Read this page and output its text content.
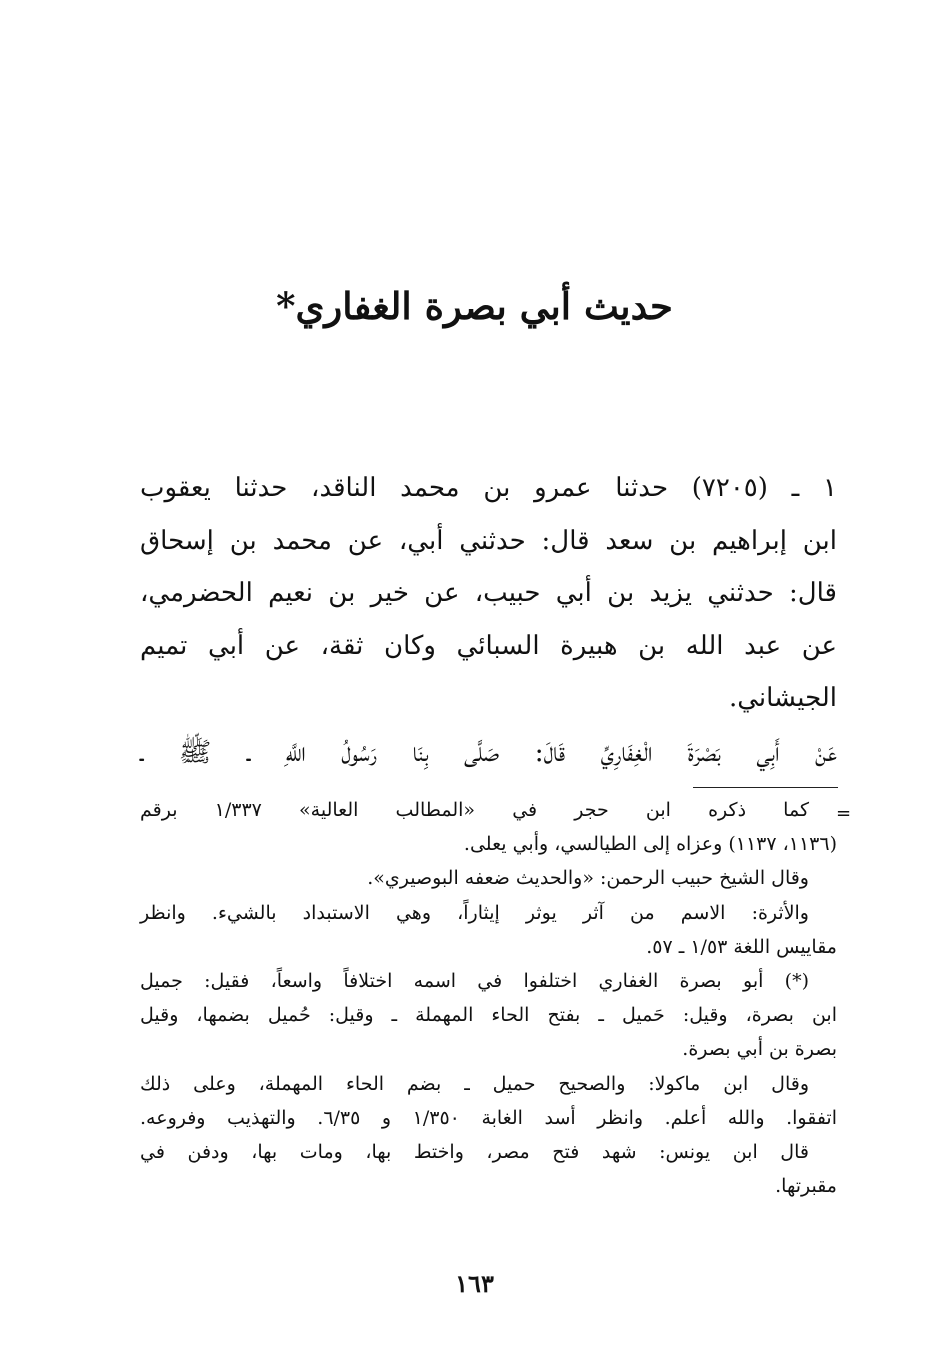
حديث أبي بصرة الغفاري*
١ ـ (٧٢٠٥) حدثنا عمرو بن محمد الناقد، حدثنا يعقوب
ابن إبراهيم بن سعد قال: حدثني أبي، عن محمد بن إسحاق
قال: حدثني يزيد بن أبي حبيب، عن خير بن نعيم الحضرمي،
عن عبد الله بن هبيرة السبائي وكان ثقة، عن أبي تميم
الجيشاني.
عَنْ أَبِي بَصْرَةَ الْغِفَارِيِّ قَالَ: صَلَّى بِنَا رَسُولُ اللَّهِ ـ ﷺ ـ
=
كما ذكره ابن حجر في «المطالب العالية» ١/٣٣٧ برقم
(١١٣٦، ١١٣٧) وعزاه إلى الطيالسي، وأبي يعلى.
وقال الشيخ حبيب الرحمن: «والحديث ضعفه البوصيري».
والأثرة: الاسم من آثر يوثر إيثاراً، وهي الاستبداد بالشيء. وانظر
مقاييس اللغة ١/٥٣ ـ ٥٧.
(*) أبو بصرة الغفاري اختلفوا في اسمه اختلافاً واسعاً، فقيل: جميل
ابن بصرة، وقيل: حَميل ـ بفتح الحاء المهملة ـ وقيل: حُميل بضمها، وقيل
بصرة بن أبي بصرة.
وقال ابن ماكولا: والصحيح حميل ـ بضم الحاء المهملة، وعلى ذلك
اتفقوا. والله أعلم. وانظر أسد الغابة ١/٣٥٠ و ٦/٣٥. والتهذيب وفروعه.
قال ابن يونس: شهد فتح مصر، واختط بها، ومات بها، ودفن في
مقبرتها.
١٦٣
